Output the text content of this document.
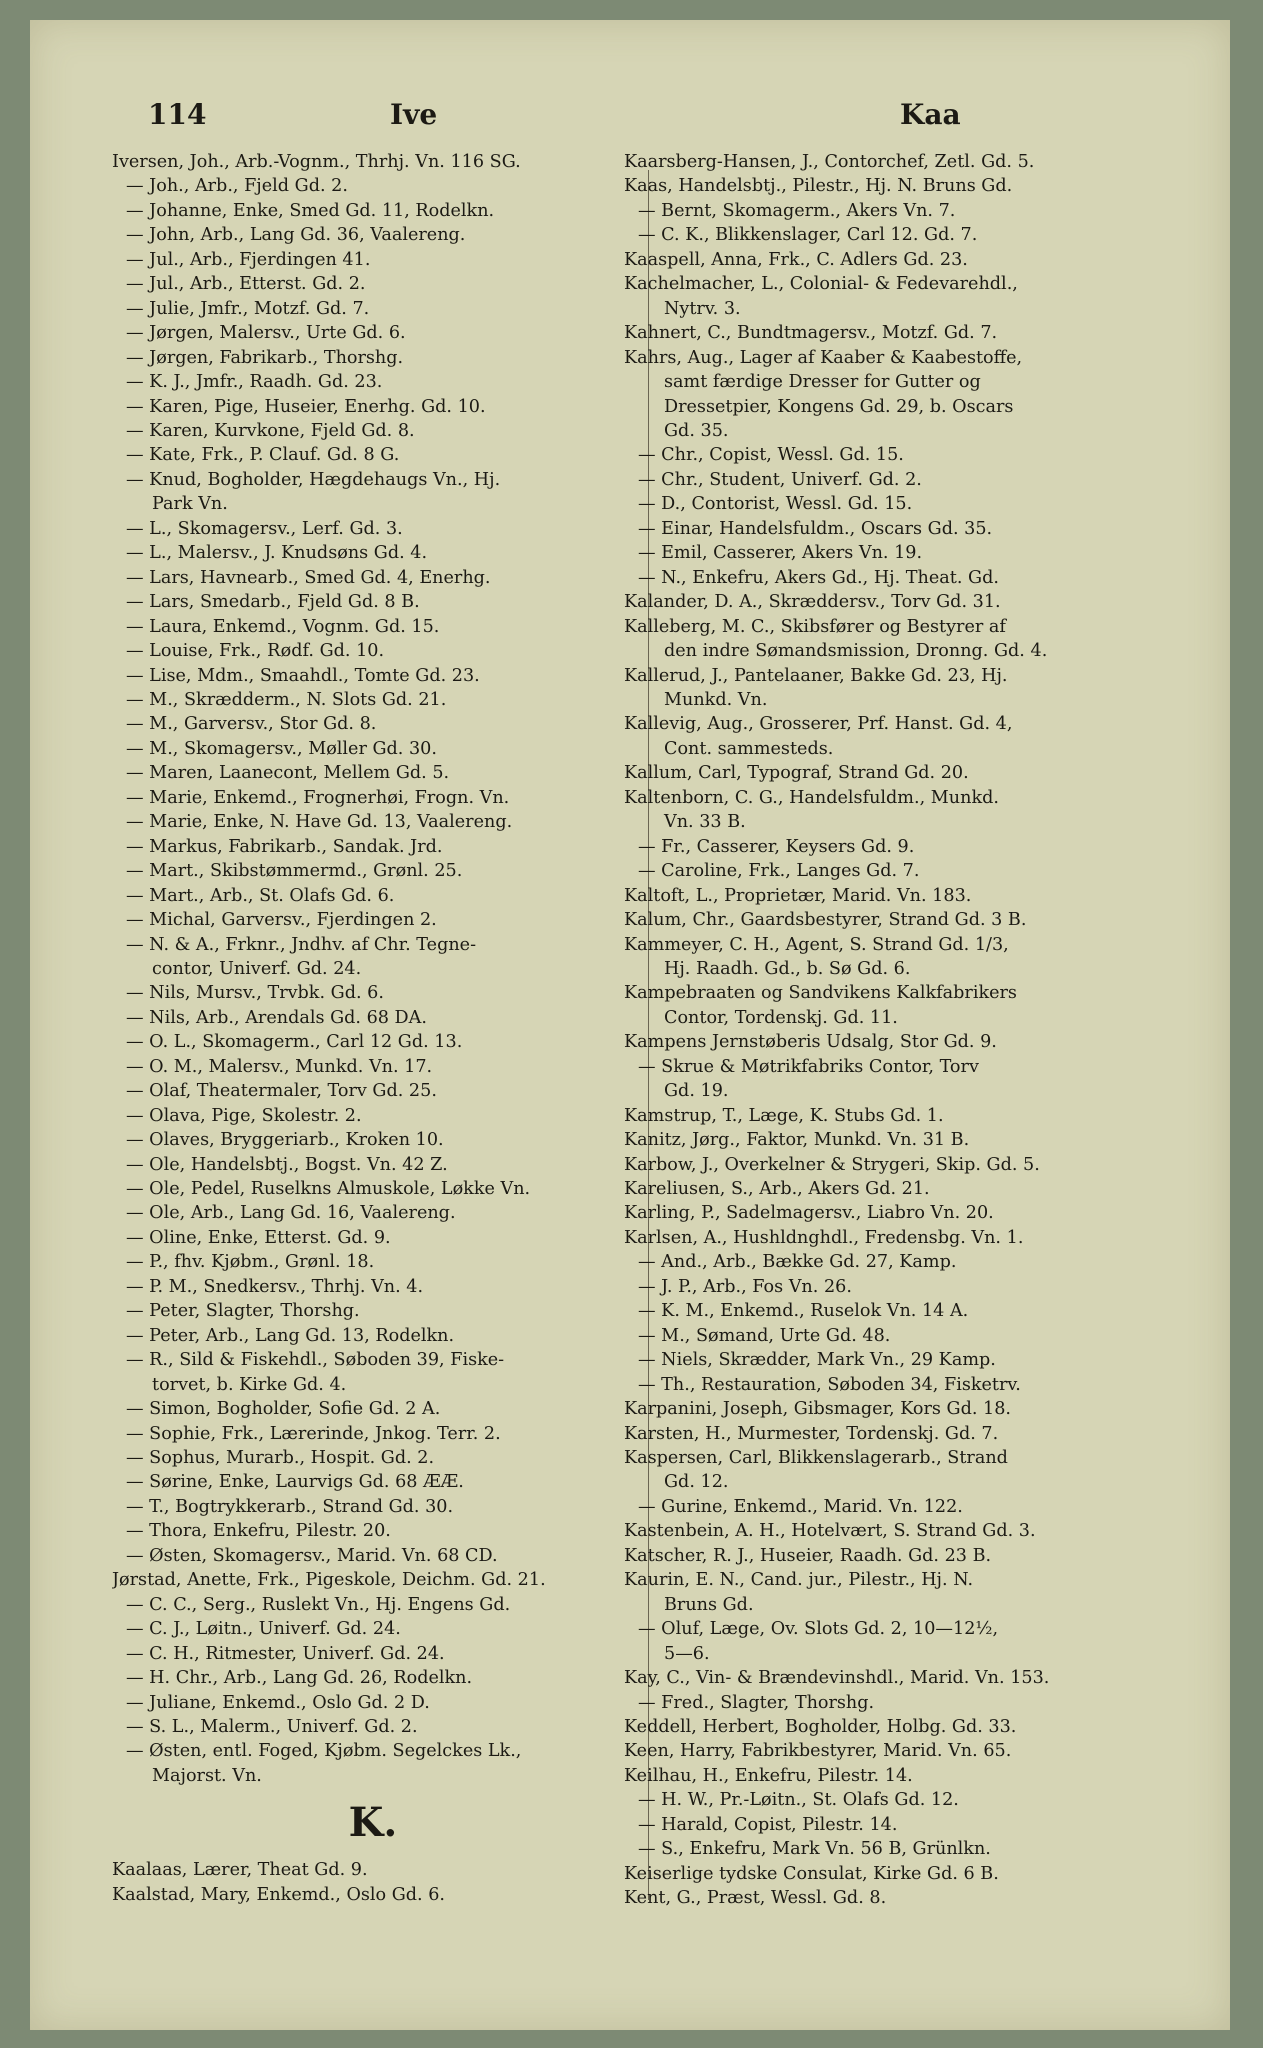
114	Ive	Kaa
Iversen, Joh., Arb.-Vognm., Thrhj. Vn. 116 SG.
— Joh., Arb., Fjeld Gd. 2.
— Johanne, Enke, Smed Gd. 11, Rodelkn.
— John, Arb., Lang Gd. 36, Vaalereng.
— Jul., Arb., Fjerdingen 41.
— Jul., Arb., Etterst. Gd. 2.
— Julie, Jmfr., Motzf. Gd. 7.
— Jørgen, Malersv., Urte Gd. 6.
— Jørgen, Fabrikarb., Thorshg.
— K. J., Jmfr., Raadh. Gd. 23.
— Karen, Pige, Huseier, Enerhg. Gd. 10.
— Karen, Kurvkone, Fjeld Gd. 8.
— Kate, Frk., P. Clauf. Gd. 8 G.
— Knud, Bogholder, Hægdehaugs Vn., Hj.
Park Vn.
— L., Skomagersv., Lerf. Gd. 3.
— L., Malersv., J. Knudsøns Gd. 4.
— Lars, Havnearb., Smed Gd. 4, Enerhg.
— Lars, Smedarb., Fjeld Gd. 8 B.
— Laura, Enkemd., Vognm. Gd. 15.
— Louise, Frk., Rødf. Gd. 10.
— Lise, Mdm., Smaahdl., Tomte Gd. 23.
— M., Skrædderm., N. Slots Gd. 21.
— M., Garversv., Stor Gd. 8.
— M., Skomagersv., Møller Gd. 30.
— Maren, Laanecont, Mellem Gd. 5.
— Marie, Enkemd., Frognerhøi, Frogn. Vn.
— Marie, Enke, N. Have Gd. 13, Vaalereng.
— Markus, Fabrikarb., Sandak. Jrd.
— Mart., Skibstømmermd., Grønl. 25.
— Mart., Arb., St. Olafs Gd. 6.
— Michal, Garversv., Fjerdingen 2.
— N. & A., Frknr., Jndhv. af Chr. Tegne-
contor, Univerf. Gd. 24.
— Nils, Mursv., Trvbk. Gd. 6.
— Nils, Arb., Arendals Gd. 68 DA.
— O. L., Skomagerm., Carl 12 Gd. 13.
— O. M., Malersv., Munkd. Vn. 17.
— Olaf, Theatermaler, Torv Gd. 25.
— Olava, Pige, Skolestr. 2.
— Olaves, Bryggeriarb., Kroken 10.
— Ole, Handelsbtj., Bogst. Vn. 42 Z.
— Ole, Pedel, Ruselkns Almuskole, Løkke Vn.
— Ole, Arb., Lang Gd. 16, Vaalereng.
— Oline, Enke, Etterst. Gd. 9.
— P., fhv. Kjøbm., Grønl. 18.
— P. M., Snedkersv., Thrhj. Vn. 4.
— Peter, Slagter, Thorshg.
— Peter, Arb., Lang Gd. 13, Rodelkn.
— R., Sild & Fiskehdl., Søboden 39, Fiske-
torvet, b. Kirke Gd. 4.
— Simon, Bogholder, Sofie Gd. 2 A.
— Sophie, Frk., Lærerinde, Jnkog. Terr. 2.
— Sophus, Murarb., Hospit. Gd. 2.
— Sørine, Enke, Laurvigs Gd. 68 ÆÆ.
— T., Bogtrykkerarb., Strand Gd. 30.
— Thora, Enkefru, Pilestr. 20.
— Østen, Skomagersv., Marid. Vn. 68 CD.
Jørstad, Anette, Frk., Pigeskole, Deichm. Gd. 21.
— C. C., Serg., Ruslekt Vn., Hj. Engens Gd.
— C. J., Løitn., Univerf. Gd. 24.
— C. H., Ritmester, Univerf. Gd. 24.
— H. Chr., Arb., Lang Gd. 26, Rodelkn.
— Juliane, Enkemd., Oslo Gd. 2 D.
— S. L., Malerm., Univerf. Gd. 2.
— Østen, entl. Foged, Kjøbm. Segelckes Lk.,
Majorst. Vn.
K.
Kaalaas, Lærer, Theat Gd. 9.
Kaalstad, Mary, Enkemd., Oslo Gd. 6.
Kaarsberg-Hansen, J., Contorchef, Zetl. Gd. 5.
Kaas, Handelsbtj., Pilestr., Hj. N. Bruns Gd.
— Bernt, Skomagerm., Akers Vn. 7.
— C. K., Blikkenslager, Carl 12. Gd. 7.
Kaaspell, Anna, Frk., C. Adlers Gd. 23.
Kachelmacher, L., Colonial- & Fedevarehdl.,
Nytrv. 3.
Kahnert, C., Bundtmagersv., Motzf. Gd. 7.
Kahrs, Aug., Lager af Kaaber & Kaabestoffe,
samt færdige Dresser for Gutter og
Dressetpier, Kongens Gd. 29, b. Oscars
Gd. 35.
— Chr., Copist, Wessl. Gd. 15.
— Chr., Student, Univerf. Gd. 2.
— D., Contorist, Wessl. Gd. 15.
— Einar, Handelsfuldm., Oscars Gd. 35.
— Emil, Casserer, Akers Vn. 19.
— N., Enkefru, Akers Gd., Hj. Theat. Gd.
Kalander, D. A., Skræddersv., Torv Gd. 31.
Kalleberg, M. C., Skibsfører og Bestyrer af
den indre Sømandsmission, Dronng. Gd. 4.
Kallerud, J., Pantelaaner, Bakke Gd. 23, Hj.
Munkd. Vn.
Kallevig, Aug., Grosserer, Prf. Hanst. Gd. 4,
Cont. sammesteds.
Kallum, Carl, Typograf, Strand Gd. 20.
Kaltenborn, C. G., Handelsfuldm., Munkd.
Vn. 33 B.
— Fr., Casserer, Keysers Gd. 9.
— Caroline, Frk., Langes Gd. 7.
Kaltoft, L., Proprietær, Marid. Vn. 183.
Kalum, Chr., Gaardsbestyrer, Strand Gd. 3 B.
Kammeyer, C. H., Agent, S. Strand Gd. 1/3,
Hj. Raadh. Gd., b. Sø Gd. 6.
Kampebraaten og Sandvikens Kalkfabrikers
Contor, Tordenskj. Gd. 11.
Kampens Jernstøberis Udsalg, Stor Gd. 9.
— Skrue & Møtrikfabriks Contor, Torv
Gd. 19.
Kamstrup, T., Læge, K. Stubs Gd. 1.
Kanitz, Jørg., Faktor, Munkd. Vn. 31 B.
Karbow, J., Overkelner & Strygeri, Skip. Gd. 5.
Kareliusen, S., Arb., Akers Gd. 21.
Karling, P., Sadelmagersv., Liabro Vn. 20.
Karlsen, A., Hushldnghdl., Fredensbg. Vn. 1.
— And., Arb., Bække Gd. 27, Kamp.
— J. P., Arb., Fos Vn. 26.
— K. M., Enkemd., Ruselok Vn. 14 A.
— M., Sømand, Urte Gd. 48.
— Niels, Skrædder, Mark Vn., 29 Kamp.
— Th., Restauration, Søboden 34, Fisketrv.
Karpanini, Joseph, Gibsmager, Kors Gd. 18.
Karsten, H., Murmester, Tordenskj. Gd. 7.
Kaspersen, Carl, Blikkenslagerarb., Strand
Gd. 12.
— Gurine, Enkemd., Marid. Vn. 122.
Kastenbein, A. H., Hotelvært, S. Strand Gd. 3.
Katscher, R. J., Huseier, Raadh. Gd. 23 B.
Kaurin, E. N., Cand. jur., Pilestr., Hj. N.
Bruns Gd.
— Oluf, Læge, Ov. Slots Gd. 2, 10—12½,
5—6.
Kay, C., Vin- & Brændevinshdl., Marid. Vn. 153.
— Fred., Slagter, Thorshg.
Keddell, Herbert, Bogholder, Holbg. Gd. 33.
Keen, Harry, Fabrikbestyrer, Marid. Vn. 65.
Keilhau, H., Enkefru, Pilestr. 14.
— H. W., Pr.-Løitn., St. Olafs Gd. 12.
— Harald, Copist, Pilestr. 14.
— S., Enkefru, Mark Vn. 56 B, Grünlkn.
Keiserlige tydske Consulat, Kirke Gd. 6 B.
Kent, G., Præst, Wessl. Gd. 8.
